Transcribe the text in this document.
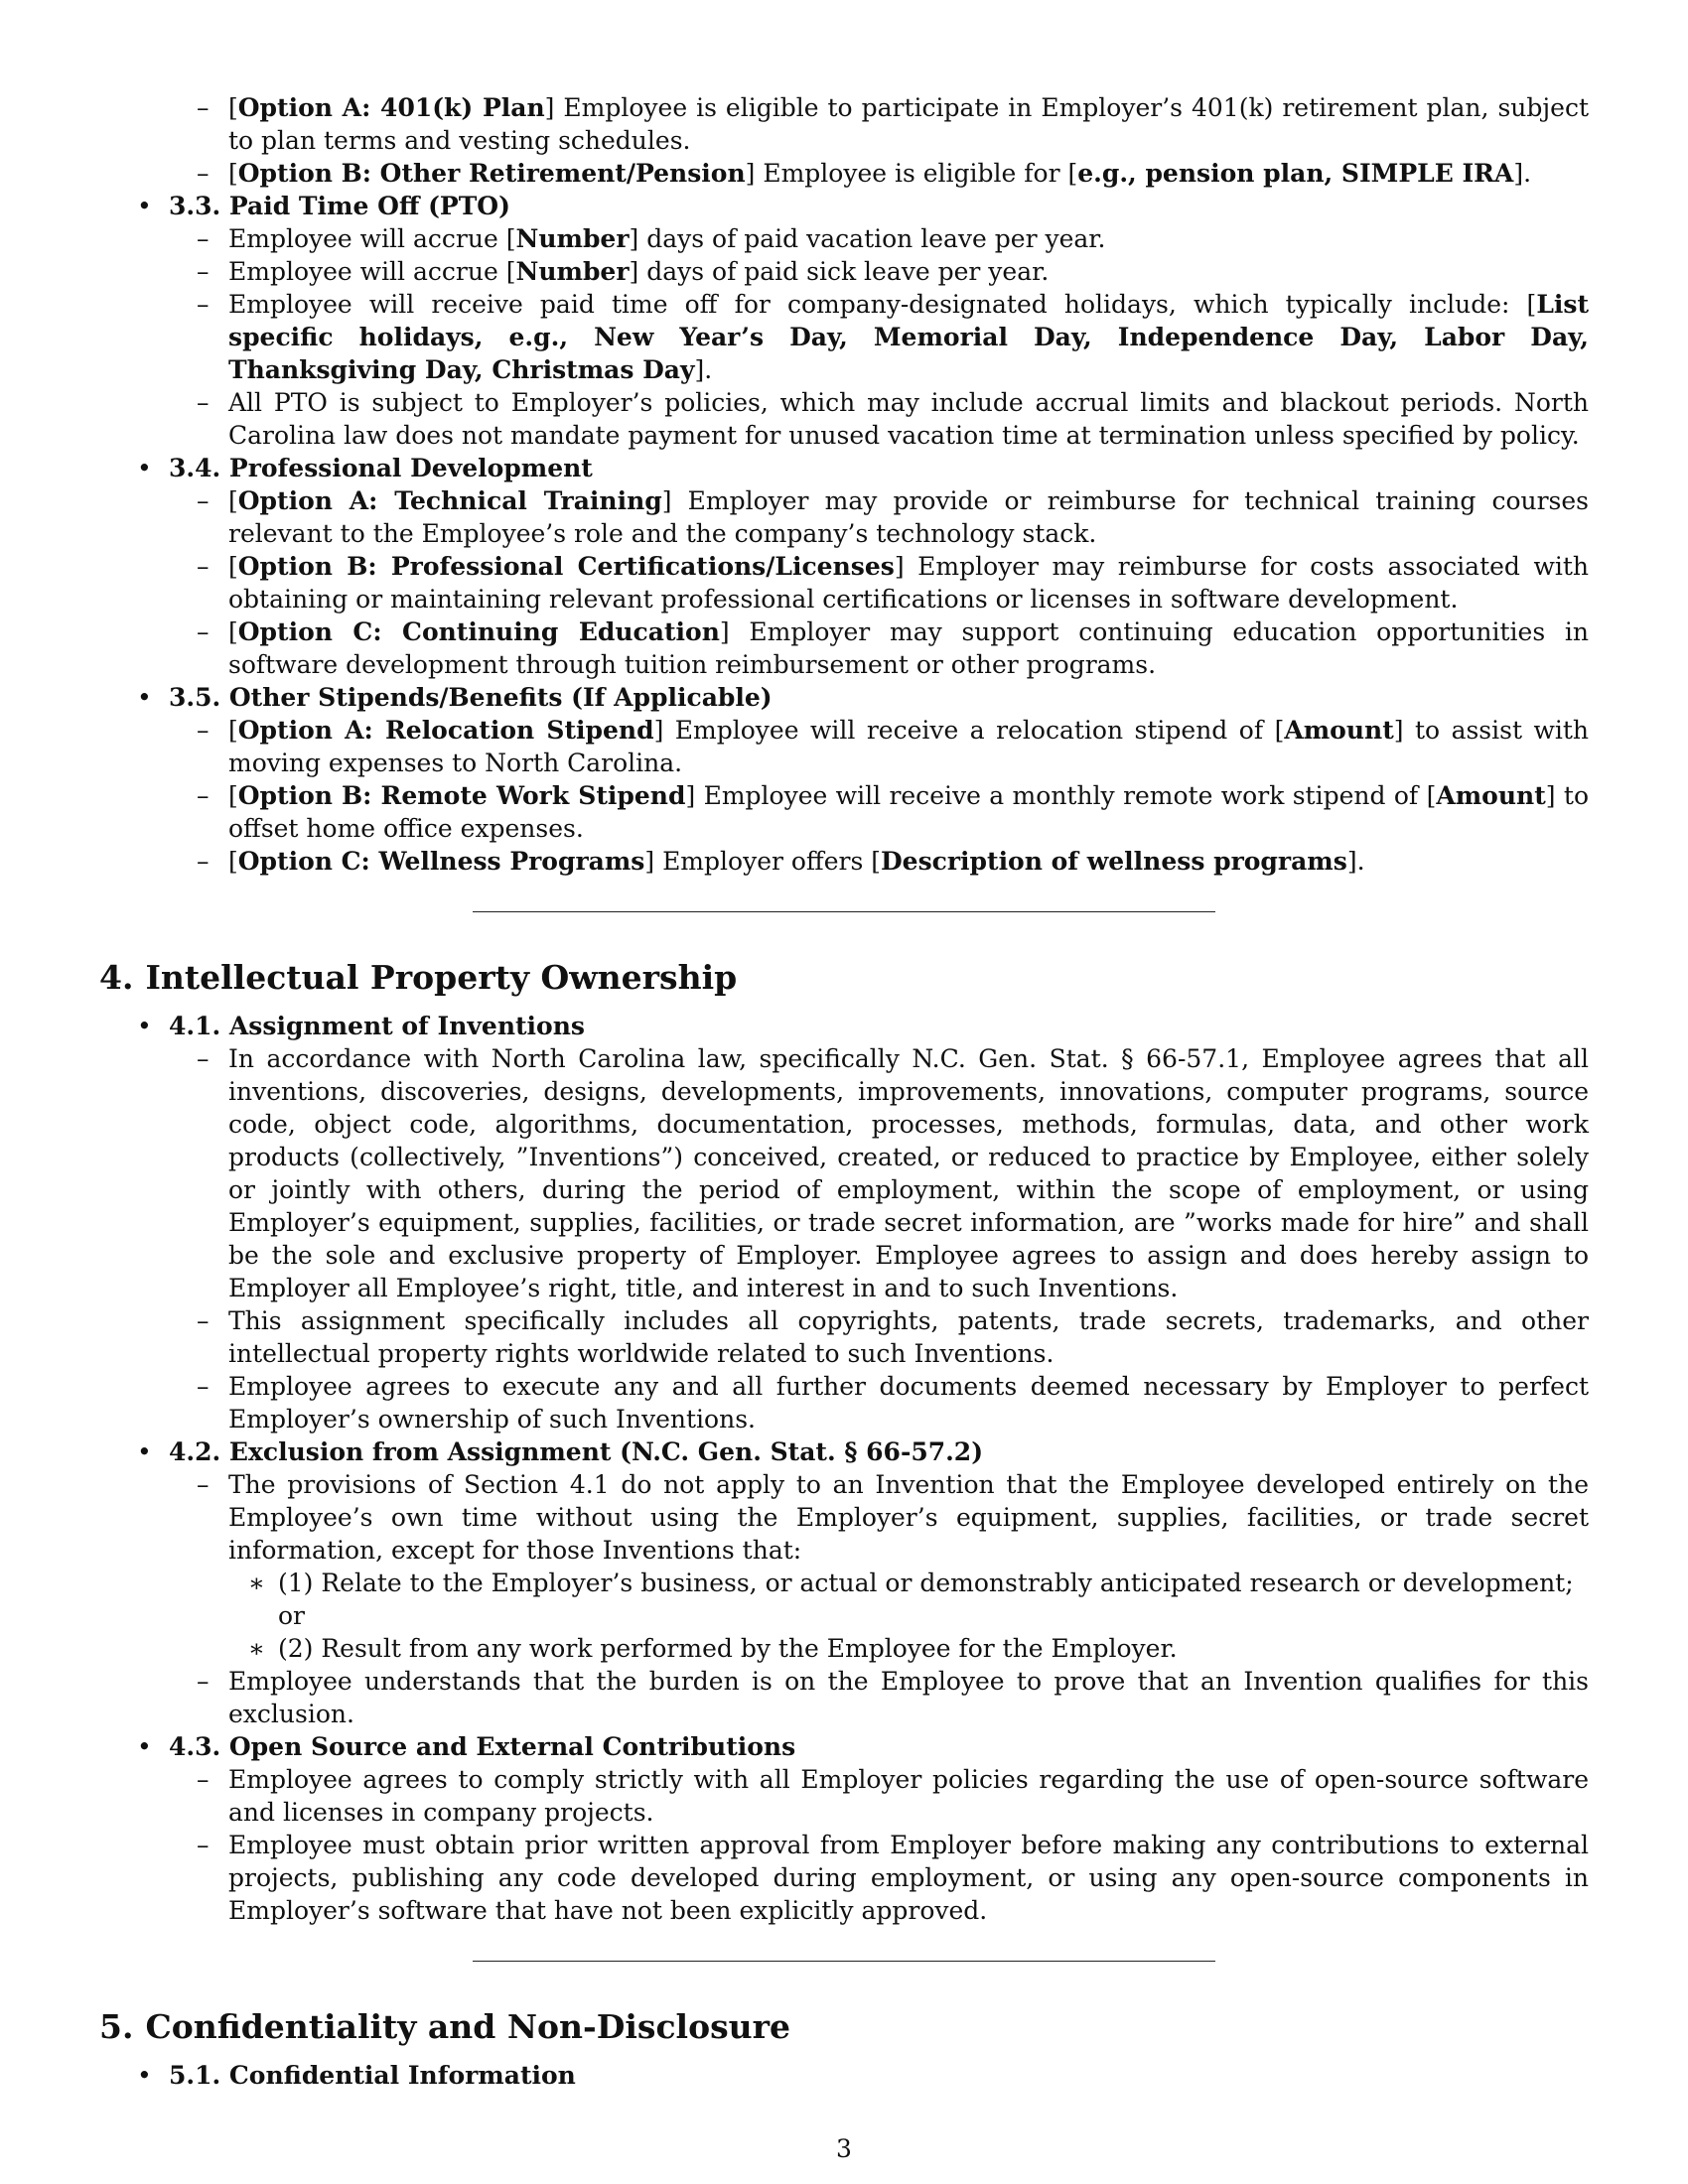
– [Option A: 401(k) Plan] Employee is eligible to participate in Employer’s 401(k) retirement plan, subject to plan terms and vesting schedules.
– [Option B: Other Retirement/Pension] Employee is eligible for [e.g., pension plan, SIMPLE IRA].
• 3.3. Paid Time Off (PTO)
– Employee will accrue [Number] days of paid vacation leave per year.
– Employee will accrue [Number] days of paid sick leave per year.
– Employee will receive paid time off for company-designated holidays, which typically include: [List specific holidays, e.g., New Year’s Day, Memorial Day, Independence Day, Labor Day, Thanksgiving Day, Christmas Day].
– All PTO is subject to Employer’s policies, which may include accrual limits and blackout periods. North Carolina law does not mandate payment for unused vacation time at termination unless specified by policy.
• 3.4. Professional Development
– [Option A: Technical Training] Employer may provide or reimburse for technical training courses relevant to the Employee’s role and the company’s technology stack.
– [Option B: Professional Certifications/Licenses] Employer may reimburse for costs associated with obtaining or maintaining relevant professional certifications or licenses in software development.
– [Option C: Continuing Education] Employer may support continuing education opportunities in software development through tuition reimbursement or other programs.
• 3.5. Other Stipends/Benefits (If Applicable)
– [Option A: Relocation Stipend] Employee will receive a relocation stipend of [Amount] to assist with moving expenses to North Carolina.
– [Option B: Remote Work Stipend] Employee will receive a monthly remote work stipend of [Amount] to offset home office expenses.
– [Option C: Wellness Programs] Employer offers [Description of wellness programs].
4. Intellectual Property Ownership
• 4.1. Assignment of Inventions
– In accordance with North Carolina law, specifically N.C. Gen. Stat. § 66-57.1, Employee agrees that all inventions, discoveries, designs, developments, improvements, innovations, computer programs, source code, object code, algorithms, documentation, processes, methods, formulas, data, and other work products (collectively, ”Inventions”) conceived, created, or reduced to practice by Employee, either solely or jointly with others, during the period of employment, within the scope of employment, or using Employer’s equipment, supplies, facilities, or trade secret information, are ”works made for hire” and shall be the sole and exclusive property of Employer. Employee agrees to assign and does hereby assign to Employer all Employee’s right, title, and interest in and to such Inventions.
– This assignment specifically includes all copyrights, patents, trade secrets, trademarks, and other intellectual property rights worldwide related to such Inventions.
– Employee agrees to execute any and all further documents deemed necessary by Employer to perfect Employer’s ownership of such Inventions.
• 4.2. Exclusion from Assignment (N.C. Gen. Stat. § 66-57.2)
– The provisions of Section 4.1 do not apply to an Invention that the Employee developed entirely on the Employee’s own time without using the Employer’s equipment, supplies, facilities, or trade secret information, except for those Inventions that:
∗ (1) Relate to the Employer’s business, or actual or demonstrably anticipated research or development; or
∗ (2) Result from any work performed by the Employee for the Employer.
– Employee understands that the burden is on the Employee to prove that an Invention qualifies for this exclusion.
• 4.3. Open Source and External Contributions
– Employee agrees to comply strictly with all Employer policies regarding the use of open-source software and licenses in company projects.
– Employee must obtain prior written approval from Employer before making any contributions to external projects, publishing any code developed during employment, or using any open-source components in Employer’s software that have not been explicitly approved.
5. Confidentiality and Non-Disclosure
• 5.1. Confidential Information
3
